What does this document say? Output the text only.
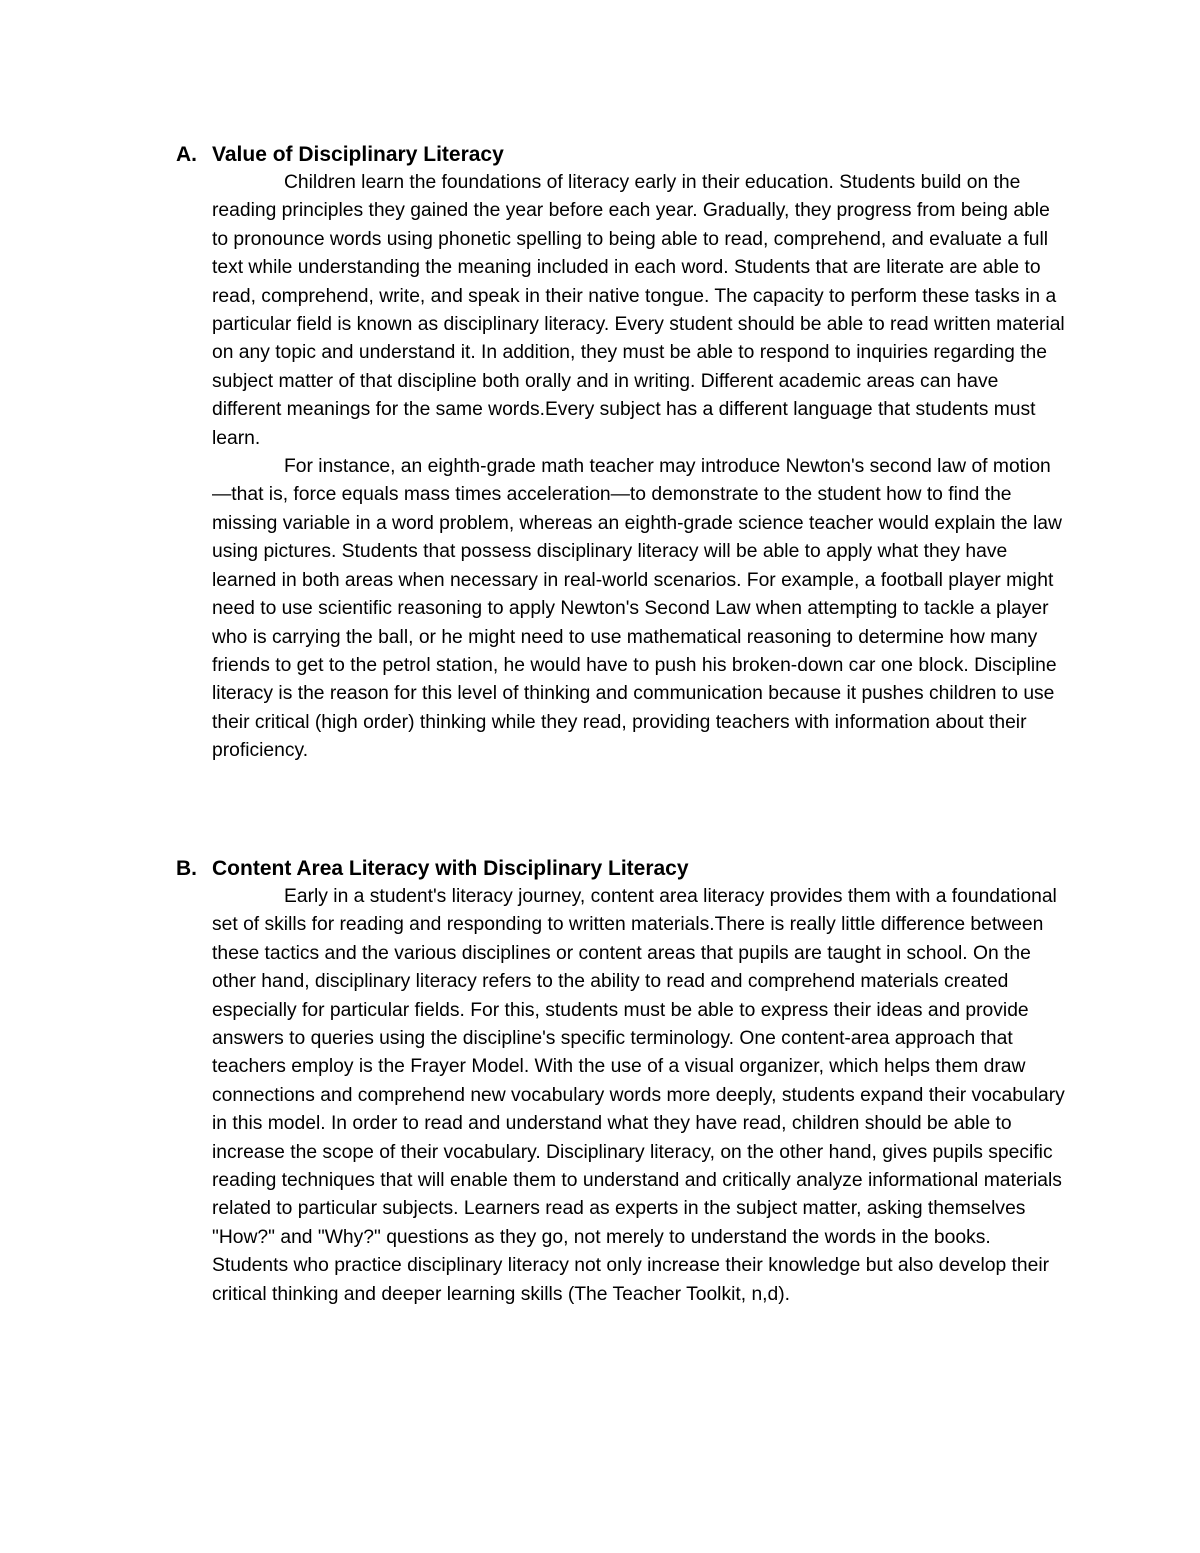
A. Value of Disciplinary Literacy

Children learn the foundations of literacy early in their education. Students build on the reading principles they gained the year before each year. Gradually, they progress from being able to pronounce words using phonetic spelling to being able to read, comprehend, and evaluate a full text while understanding the meaning included in each word. Students that are literate are able to read, comprehend, write, and speak in their native tongue. The capacity to perform these tasks in a particular field is known as disciplinary literacy. Every student should be able to read written material on any topic and understand it. In addition, they must be able to respond to inquiries regarding the subject matter of that discipline both orally and in writing. Different academic areas can have different meanings for the same words.Every subject has a different language that students must learn.

For instance, an eighth-grade math teacher may introduce Newton's second law of motion—that is, force equals mass times acceleration—to demonstrate to the student how to find the missing variable in a word problem, whereas an eighth-grade science teacher would explain the law using pictures. Students that possess disciplinary literacy will be able to apply what they have learned in both areas when necessary in real-world scenarios. For example, a football player might need to use scientific reasoning to apply Newton's Second Law when attempting to tackle a player who is carrying the ball, or he might need to use mathematical reasoning to determine how many friends to get to the petrol station, he would have to push his broken-down car one block. Discipline literacy is the reason for this level of thinking and communication because it pushes children to use their critical (high order) thinking while they read, providing teachers with information about their proficiency.

B. Content Area Literacy with Disciplinary Literacy

Early in a student's literacy journey, content area literacy provides them with a foundational set of skills for reading and responding to written materials.There is really little difference between these tactics and the various disciplines or content areas that pupils are taught in school. On the other hand, disciplinary literacy refers to the ability to read and comprehend materials created especially for particular fields. For this, students must be able to express their ideas and provide answers to queries using the discipline's specific terminology. One content-area approach that teachers employ is the Frayer Model. With the use of a visual organizer, which helps them draw connections and comprehend new vocabulary words more deeply, students expand their vocabulary in this model. In order to read and understand what they have read, children should be able to increase the scope of their vocabulary. Disciplinary literacy, on the other hand, gives pupils specific reading techniques that will enable them to understand and critically analyze informational materials related to particular subjects. Learners read as experts in the subject matter, asking themselves "How?" and "Why?" questions as they go, not merely to understand the words in the books. Students who practice disciplinary literacy not only increase their knowledge but also develop their critical thinking and deeper learning skills (The Teacher Toolkit, n,d).
